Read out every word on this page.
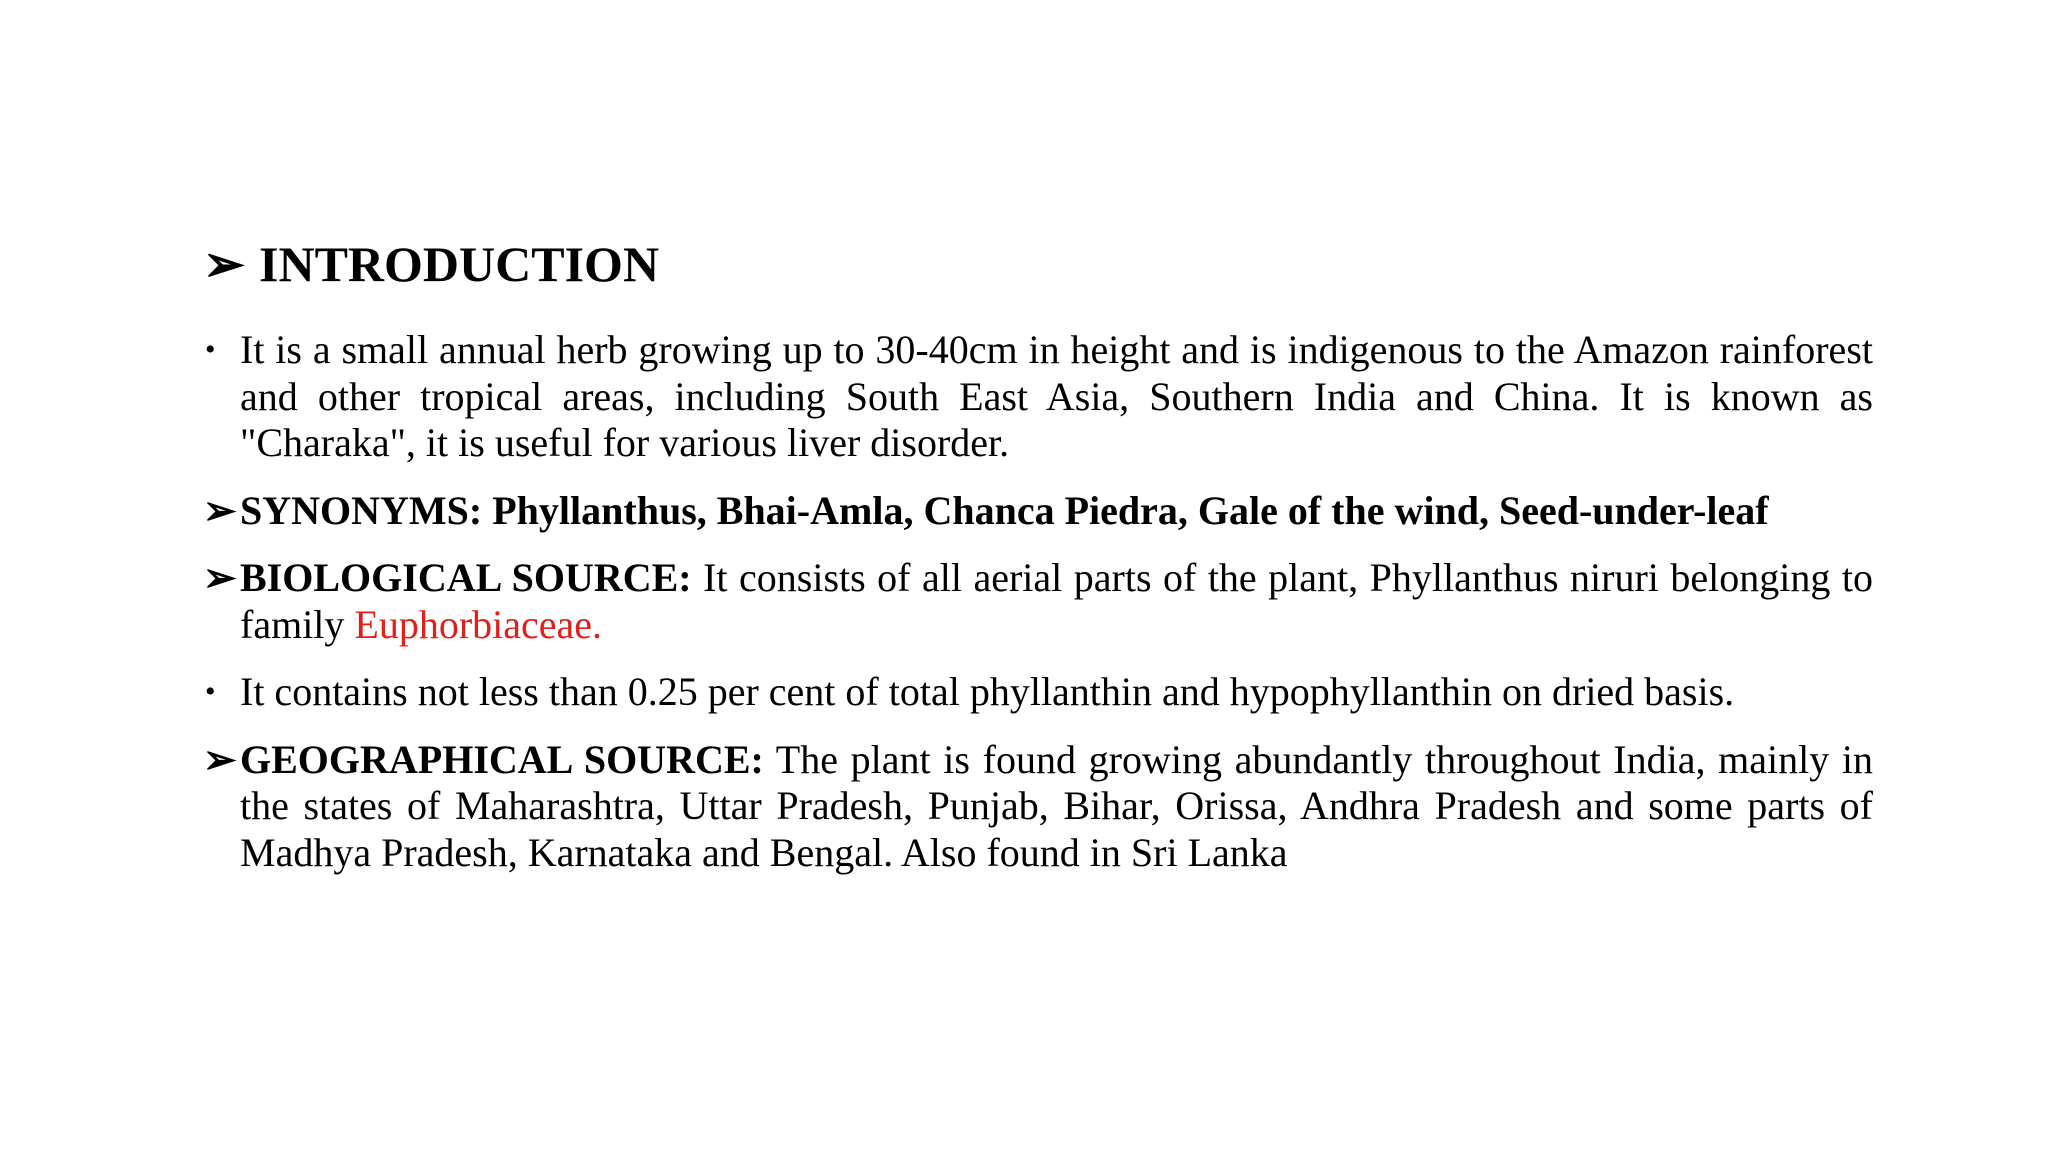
➢ INTRODUCTION
• It is a small annual herb growing up to 30-40cm in height and is indigenous to the Amazon rainforest and other tropical areas, including South East Asia, Southern India and China. It is known as "Charaka", it is useful for various liver disorder.
➢ SYNONYMS: Phyllanthus, Bhai-Amla, Chanca Piedra, Gale of the wind, Seed-under-leaf
➢ BIOLOGICAL SOURCE: It consists of all aerial parts of the plant, Phyllanthus niruri belonging to family Euphorbiaceae.
• It contains not less than 0.25 per cent of total phyllanthin and hypophyllanthin on dried basis.
➢ GEOGRAPHICAL SOURCE: The plant is found growing abundantly throughout India, mainly in the states of Maharashtra, Uttar Pradesh, Punjab, Bihar, Orissa, Andhra Pradesh and some parts of Madhya Pradesh, Karnataka and Bengal. Also found in Sri Lanka
